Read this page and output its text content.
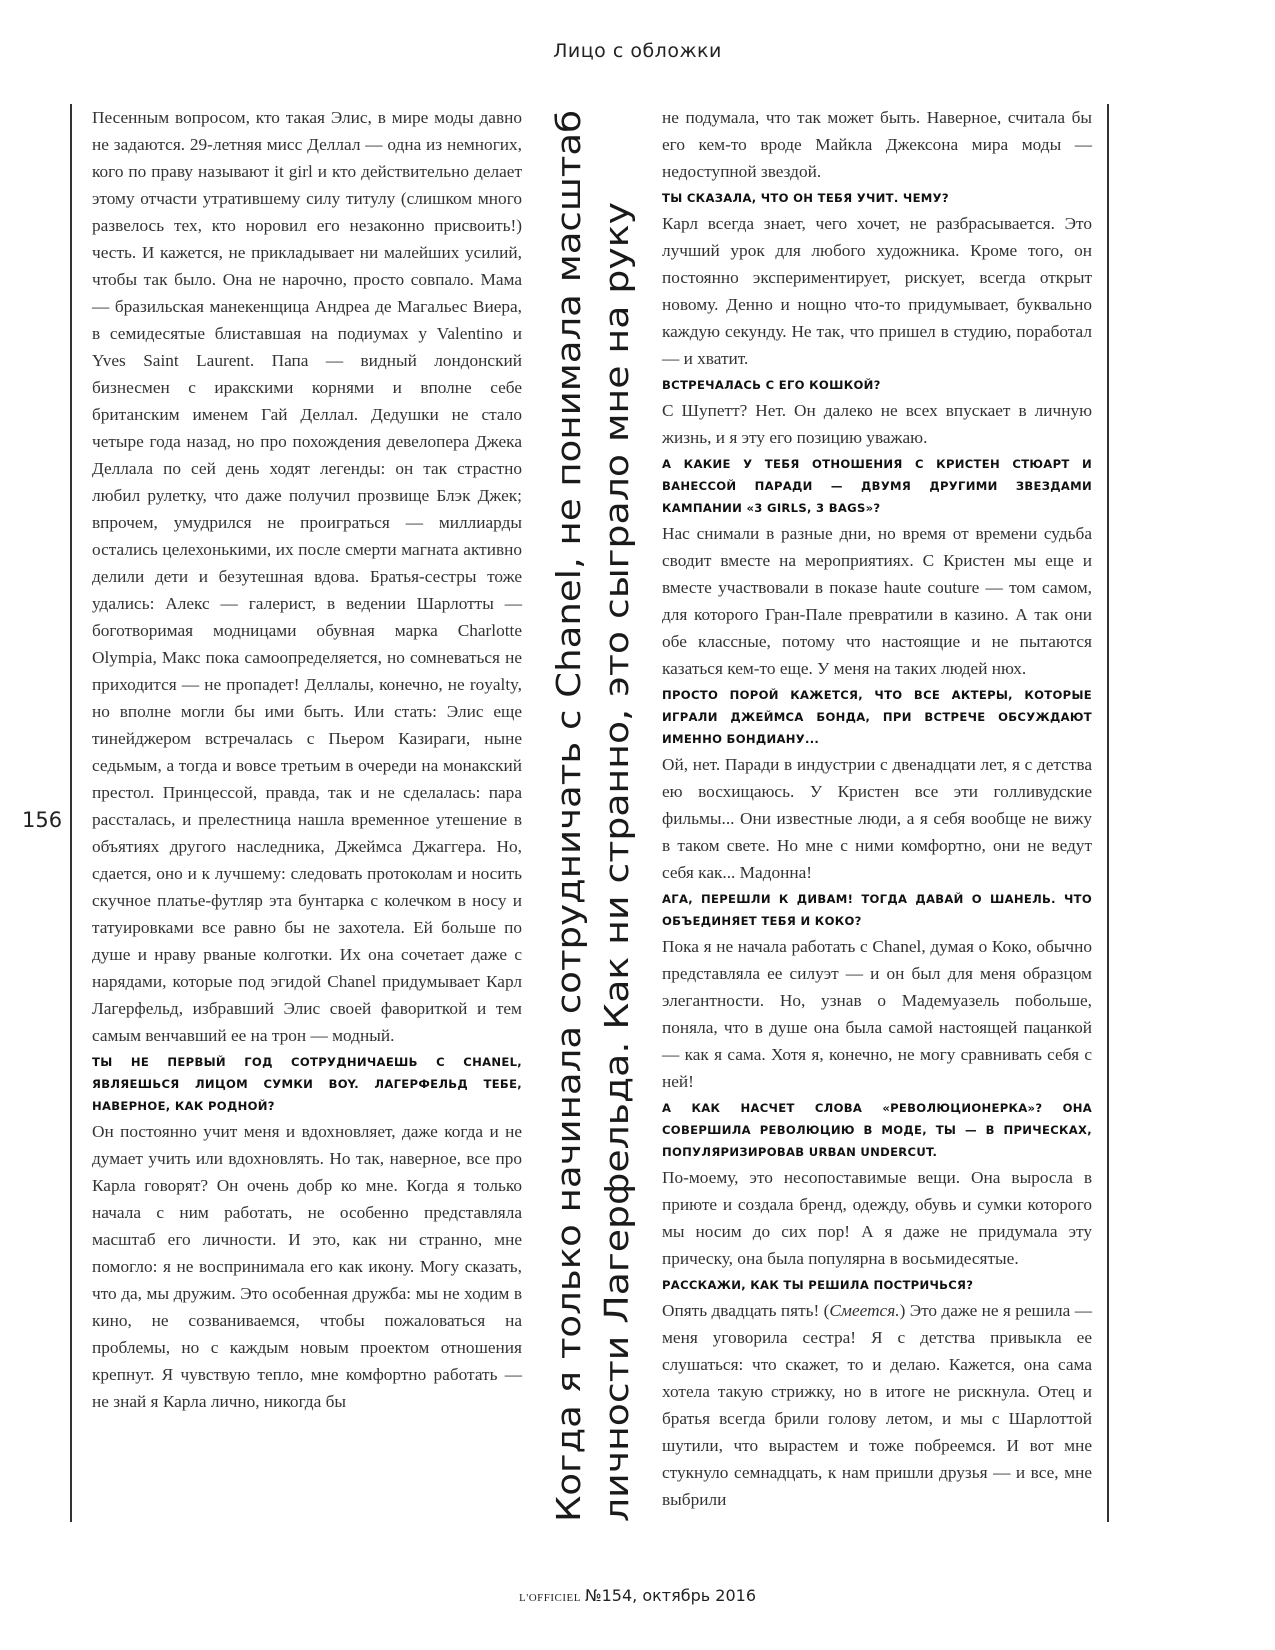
Лицо с обложки
156

Песенным вопросом, кто такая Элис, в мире моды давно не задаются. 29-летняя мисс Деллал — одна из немногих, кого по праву называют it girl и кто действительно делает этому отчасти утратившему силу титулу (слишком много развелось тех, кто норовил его незаконно присвоить!) честь. И кажется, не прикладывает ни малейших усилий, чтобы так было. Она не нарочно, просто совпало. Мама — бразильская манекенщица Андреа де Магальес Виера, в семидесятые блиставшая на подиумах у Valentino и Yves Saint Laurent. Папа — видный лондонский бизнесмен с иракскими корнями и вполне себе британским именем Гай Деллал. Дедушки не стало четыре года назад, но про похождения девелопера Джека Деллала по сей день ходят легенды: он так страстно любил рулетку, что даже получил прозвище Блэк Джек; впрочем, умудрился не проиграться — миллиарды остались целехонькими, их после смерти магната активно делили дети и безутешная вдова. Братья-сестры тоже удались: Алекс — галерист, в ведении Шарлотты — боготворимая модницами обувная марка Charlotte Olympia, Макс пока самоопределяется, но сомневаться не приходится — не пропадет! Деллалы, конечно, не royalty, но вполне могли бы ими быть. Или стать: Элис еще тинейджером встречалась с Пьером Казираги, ныне седьмым, а тогда и вовсе третьим в очереди на монакский престол. Принцессой, правда, так и не сделалась: пара рассталась, и прелестница нашла временное утешение в объятиях другого наследника, Джеймса Джаггера. Но, сдается, оно и к лучшему: следовать протоколам и носить скучное платье-футляр эта бунтарка с колечком в носу и татуировками все равно бы не захотела. Ей больше по душе и нраву рваные колготки. Их она сочетает даже с нарядами, которые под эгидой Chanel придумывает Карл Лагерфельд, избравший Элис своей фавориткой и тем самым венчавший ее на трон — модный.

ТЫ НЕ ПЕРВЫЙ ГОД СОТРУДНИЧАЕШЬ С CHANEL, ЯВЛЯЕШЬСЯ ЛИЦОМ СУМКИ BOY. ЛАГЕРФЕЛЬД ТЕБЕ, НАВЕРНОЕ, КАК РОДНОЙ?

Он постоянно учит меня и вдохновляет, даже когда и не думает учить или вдохновлять. Но так, наверное, все про Карла говорят? Он очень добр ко мне. Когда я только начала с ним работать, не особенно представляла масштаб его личности. И это, как ни странно, мне помогло: я не воспринимала его как икону. Могу сказать, что да, мы дружим. Это особенная дружба: мы не ходим в кино, не созваниваемся, чтобы пожаловаться на проблемы, но с каждым новым проектом отношения крепнут. Я чувствую тепло, мне комфортно работать — не знай я Карла лично, никогда бы	Когда я только начинала сотрудничать с Chanel, не понимала масштаб личности Лагерфельда. Как ни странно, это сыграло мне на руку

не подумала, что так может быть. Наверное, считала бы его кем-то вроде Майкла Джексона мира моды — недоступной звездой.

ТЫ СКАЗАЛА, ЧТО ОН ТЕБЯ УЧИТ. ЧЕМУ?

Карл всегда знает, чего хочет, не разбрасывается. Это лучший урок для любого художника. Кроме того, он постоянно экспериментирует, рискует, всегда открыт новому. Денно и нощно что-то придумывает, буквально каждую секунду. Не так, что пришел в студию, поработал — и хватит.

ВСТРЕЧАЛАСЬ С ЕГО КОШКОЙ?

С Шупетт? Нет. Он далеко не всех впускает в личную жизнь, и я эту его позицию уважаю.

А КАКИЕ У ТЕБЯ ОТНОШЕНИЯ С КРИСТЕН СТЮАРТ И ВАНЕССОЙ ПАРАДИ — ДВУМЯ ДРУГИМИ ЗВЕЗДАМИ КАМПАНИИ «3 GIRLS, 3 BAGS»?

Нас снимали в разные дни, но время от времени судьба сводит вместе на мероприятиях. С Кристен мы еще и вместе участвовали в показе haute couture — том самом, для которого Гран-Пале превратили в казино. А так они обе классные, потому что настоящие и не пытаются казаться кем-то еще. У меня на таких людей нюх.

ПРОСТО ПОРОЙ КАЖЕТСЯ, ЧТО ВСЕ АКТЕРЫ, КОТОРЫЕ ИГРАЛИ ДЖЕЙМСА БОНДА, ПРИ ВСТРЕЧЕ ОБСУЖДАЮТ ИМЕННО БОНДИАНУ...

Ой, нет. Паради в индустрии с двенадцати лет, я с детства ею восхищаюсь. У Кристен все эти голливудские фильмы... Они известные люди, а я себя вообще не вижу в таком свете. Но мне с ними комфортно, они не ведут себя как... Мадонна!

АГА, ПЕРЕШЛИ К ДИВАМ! ТОГДА ДАВАЙ О ШАНЕЛЬ. ЧТО ОБЪЕДИНЯЕТ ТЕБЯ И КОКО?

Пока я не начала работать с Chanel, думая о Коко, обычно представляла ее силуэт — и он был для меня образцом элегантности. Но, узнав о Мадемуазель побольше, поняла, что в душе она была самой настоящей пацанкой — как я сама. Хотя я, конечно, не могу сравнивать себя с ней!

А КАК НАСЧЕТ СЛОВА «РЕВОЛЮЦИОНЕРКА»? ОНА СОВЕРШИЛА РЕВОЛЮЦИЮ В МОДЕ, ТЫ — В ПРИЧЕСКАХ, ПОПУЛЯРИЗИРОВАВ URBAN UNDERCUT.

По-моему, это несопоставимые вещи. Она выросла в приюте и создала бренд, одежду, обувь и сумки которого мы носим до сих пор! А я даже не придумала эту прическу, она была популярна в восьмидесятые.

РАССКАЖИ, КАК ТЫ РЕШИЛА ПОСТРИЧЬСЯ?

Опять двадцать пять! (Смеется.) Это даже не я решила — меня уговорила сестра! Я с детства привыкла ее слушаться: что скажет, то и делаю. Кажется, она сама хотела такую стрижку, но в итоге не рискнула. Отец и братья всегда брили голову летом, и мы с Шарлоттой шутили, что вырастем и тоже побреемся. И вот мне стукнуло семнадцать, к нам пришли друзья — и все, мне выбрили

L'OFFICIEL №154, октябрь 2016
